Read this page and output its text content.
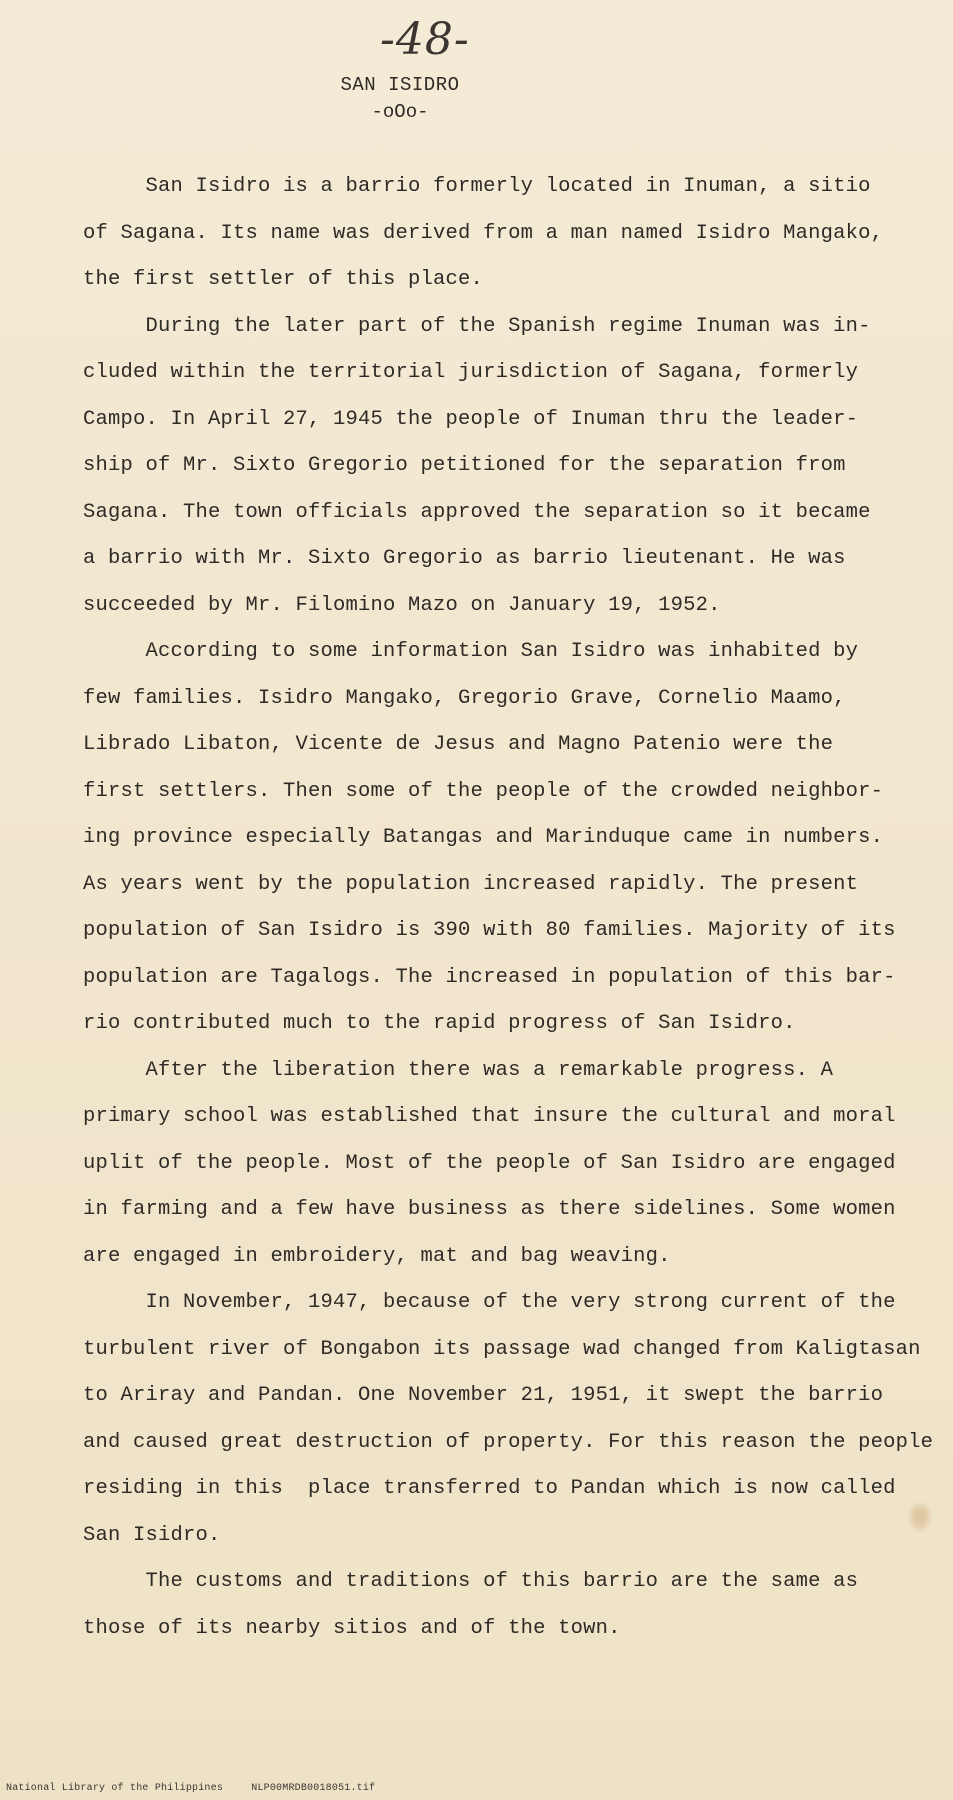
-48-
SAN ISIDRO
-oOo-
San Isidro is a barrio formerly located in Inuman, a sitio
of Sagana. Its name was derived from a man named Isidro Mangako,
the first settler of this place.
During the later part of the Spanish regime Inuman was in-
cluded within the territorial jurisdiction of Sagana, formerly
Campo. In April 27, 1945 the people of Inuman thru the leader-
ship of Mr. Sixto Gregorio petitioned for the separation from
Sagana. The town officials approved the separation so it became
a barrio with Mr. Sixto Gregorio as barrio lieutenant. He was
succeeded by Mr. Filomino Mazo on January 19, 1952.
According to some information San Isidro was inhabited by
few families. Isidro Mangako, Gregorio Grave, Cornelio Maamo,
Librado Libaton, Vicente de Jesus and Magno Patenio were the
first settlers. Then some of the people of the crowded neighbor-
ing province especially Batangas and Marinduque came in numbers.
As years went by the population increased rapidly. The present
population of San Isidro is 390 with 80 families. Majority of its
population are Tagalogs. The increased in population of this bar-
rio contributed much to the rapid progress of San Isidro.
After the liberation there was a remarkable progress. A
primary school was established that insure the cultural and moral
uplit of the people. Most of the people of San Isidro are engaged
in farming and a few have business as there sidelines. Some women
are engaged in embroidery, mat and bag weaving.
In November, 1947, because of the very strong current of the
turbulent river of Bongabon its passage wad changed from Kaligtasan
to Ariray and Pandan. One November 21, 1951, it swept the barrio
and caused great destruction of property. For this reason the people
residing in this  place transferred to Pandan which is now called
San Isidro.
The customs and traditions of this barrio are the same as
those of its nearby sitios and of the town.
National Library of the Philippines	NLP00MRDB0018051.tif
